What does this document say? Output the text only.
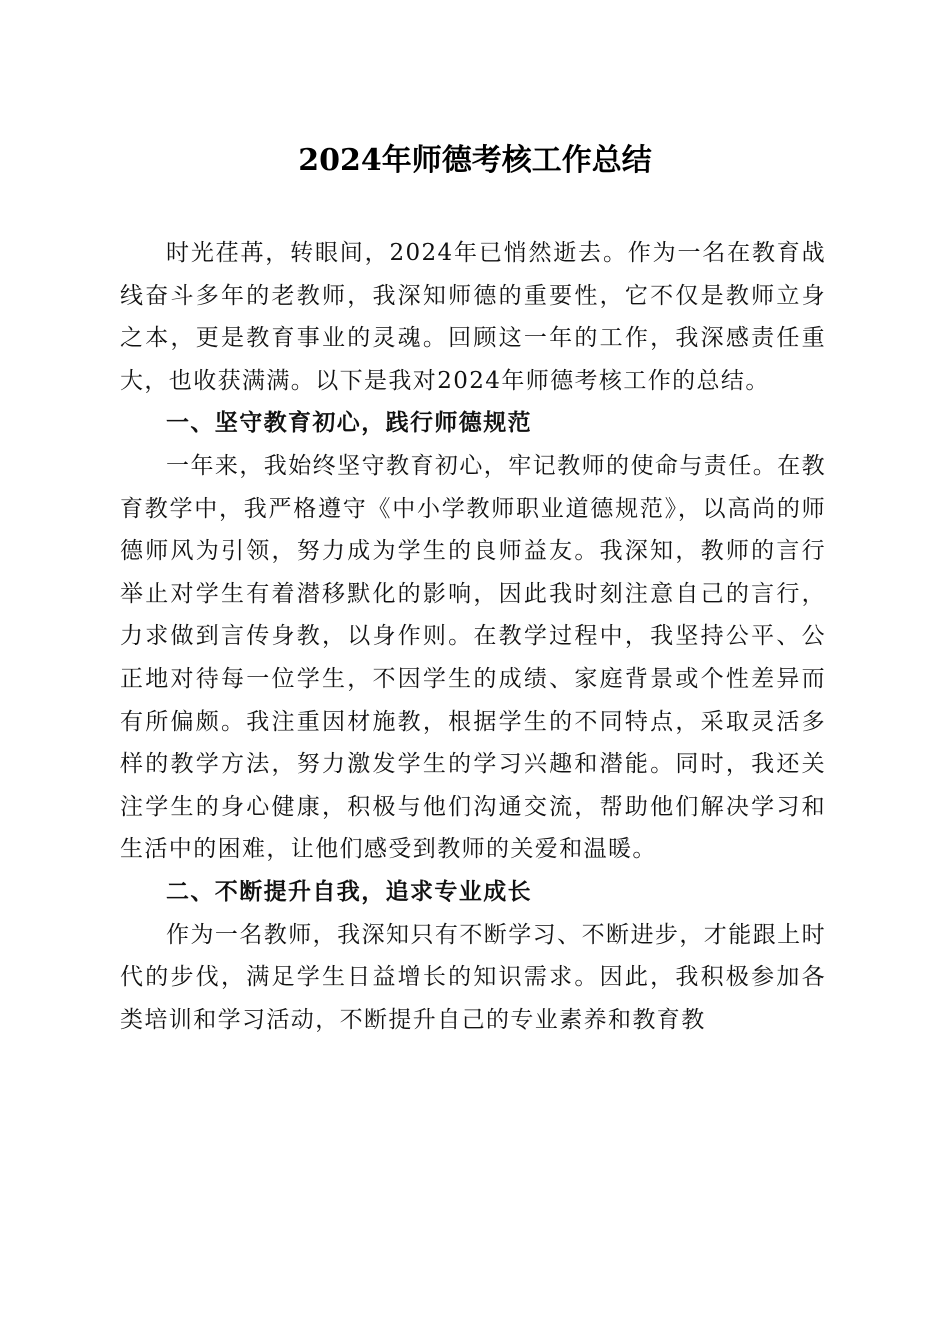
2024年师德考核工作总结

时光荏苒，转眼间，2024年已悄然逝去。作为一名在教育战线奋斗多年的老教师，我深知师德的重要性，它不仅是教师立身之本，更是教育事业的灵魂。回顾这一年的工作，我深感责任重大，也收获满满。以下是我对2024年师德考核工作的总结。

一、坚守教育初心，践行师德规范

一年来，我始终坚守教育初心，牢记教师的使命与责任。在教育教学中，我严格遵守《中小学教师职业道德规范》，以高尚的师德师风为引领，努力成为学生的良师益友。我深知，教师的言行举止对学生有着潜移默化的影响，因此我时刻注意自己的言行，力求做到言传身教，以身作则。在教学过程中，我坚持公平、公正地对待每一位学生，不因学生的成绩、家庭背景或个性差异而有所偏颇。我注重因材施教，根据学生的不同特点，采取灵活多样的教学方法，努力激发学生的学习兴趣和潜能。同时，我还关注学生的身心健康，积极与他们沟通交流，帮助他们解决学习和生活中的困难，让他们感受到教师的关爱和温暖。

二、不断提升自我，追求专业成长

作为一名教师，我深知只有不断学习、不断进步，才能跟上时代的步伐，满足学生日益增长的知识需求。因此，我积极参加各类培训和学习活动，不断提升自己的专业素养和教育教
